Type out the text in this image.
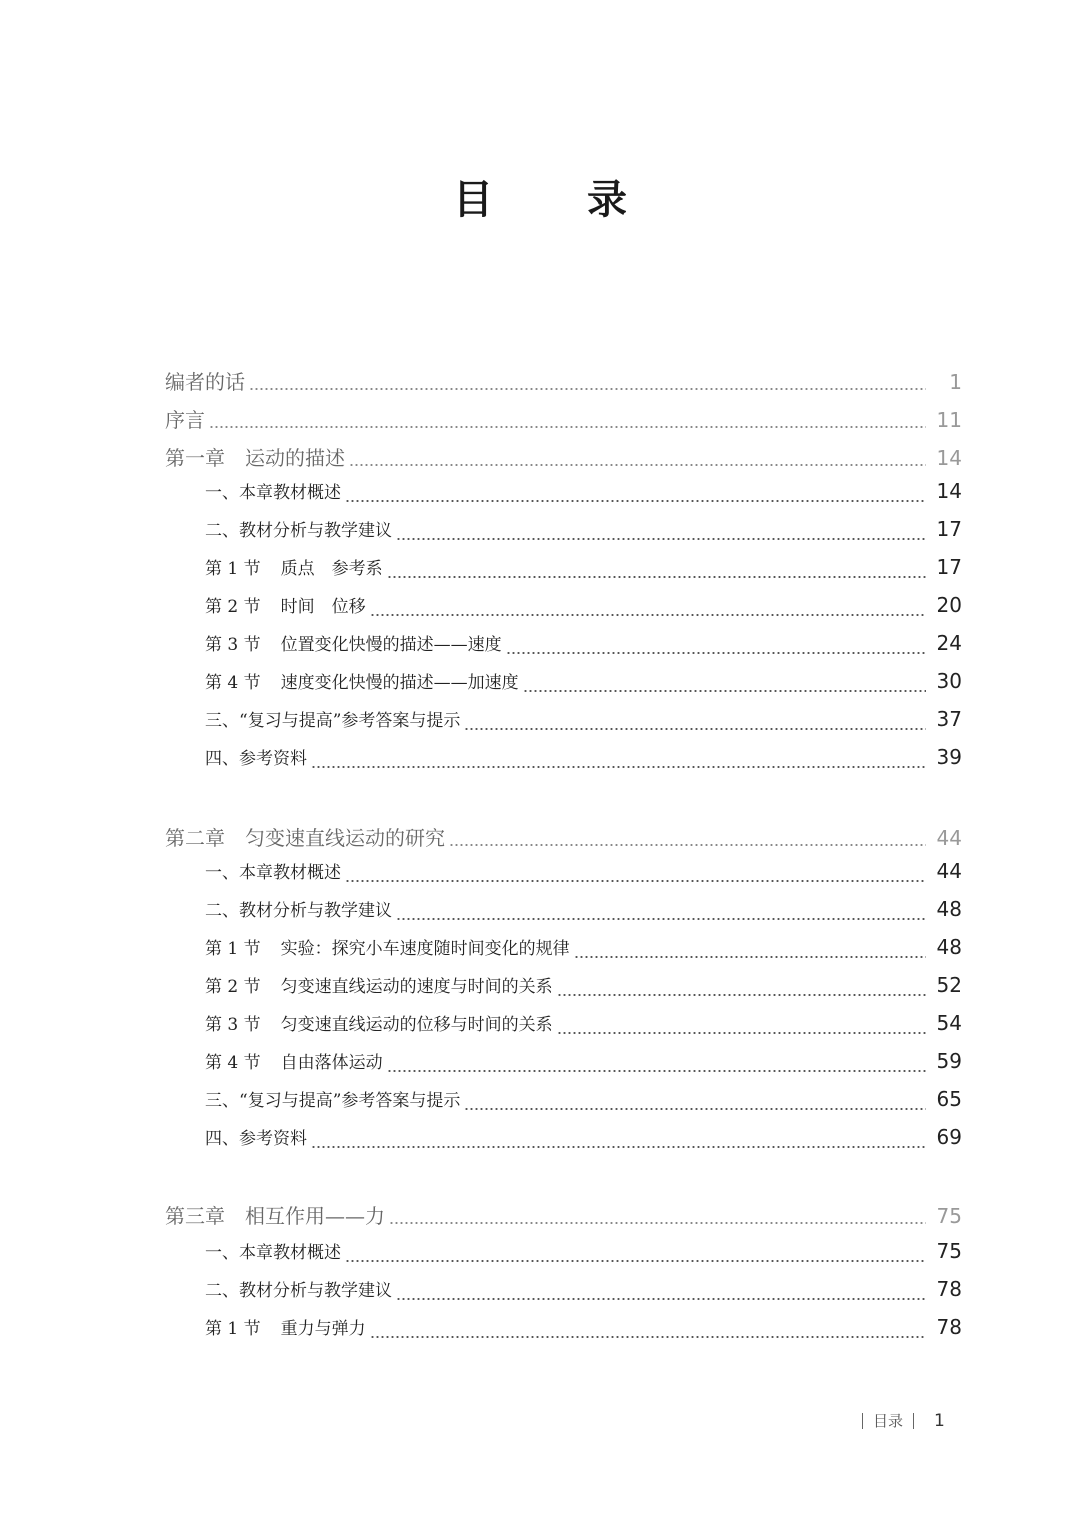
目 录
编者的话	1
序言	11
第一章 运动的描述	14
一、本章教材概述	14
二、教材分析与教学建议	17
第 1 节 质点　参考系	17
第 2 节 时间　位移	20
第 3 节 位置变化快慢的描述——速度	24
第 4 节 速度变化快慢的描述——加速度	30
三、“复习与提高”参考答案与提示	37
四、参考资料	39
第二章 匀变速直线运动的研究	44
一、本章教材概述	44
二、教材分析与教学建议	48
第 1 节 实验：探究小车速度随时间变化的规律	48
第 2 节 匀变速直线运动的速度与时间的关系	52
第 3 节 匀变速直线运动的位移与时间的关系	54
第 4 节 自由落体运动	59
三、“复习与提高”参考答案与提示	65
四、参考资料	69
第三章 相互作用——力	75
一、本章教材概述	75
二、教材分析与教学建议	78
第 1 节 重力与弹力	78
目录 1
